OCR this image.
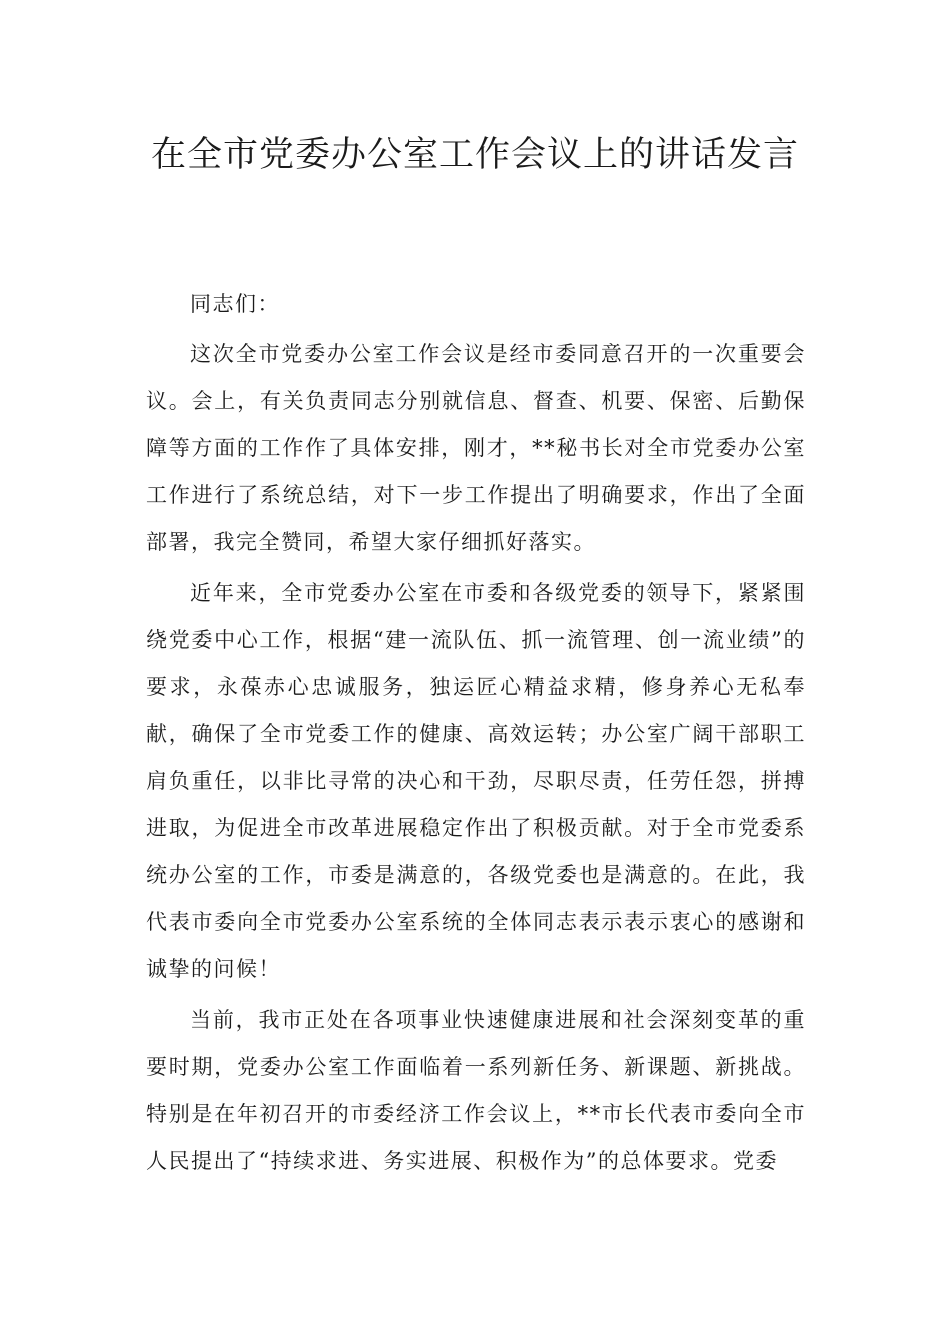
在全市党委办公室工作会议上的讲话发言

同志们：

这次全市党委办公室工作会议是经市委同意召开的一次重要会议。会上，有关负责同志分别就信息、督查、机要、保密、后勤保障等方面的工作作了具体安排，刚才，**秘书长对全市党委办公室工作进行了系统总结，对下一步工作提出了明确要求，作出了全面部署，我完全赞同，希望大家仔细抓好落实。

近年来，全市党委办公室在市委和各级党委的领导下，紧紧围绕党委中心工作，根据“建一流队伍、抓一流管理、创一流业绩”的要求，永葆赤心忠诚服务，独运匠心精益求精，修身养心无私奉献，确保了全市党委工作的健康、高效运转；办公室广阔干部职工肩负重任，以非比寻常的决心和干劲，尽职尽责，任劳任怨，拼搏进取，为促进全市改革进展稳定作出了积极贡献。对于全市党委系统办公室的工作，市委是满意的，各级党委也是满意的。在此，我代表市委向全市党委办公室系统的全体同志表示表示衷心的感谢和诚挚的问候！

当前，我市正处在各项事业快速健康进展和社会深刻变革的重要时期，党委办公室工作面临着一系列新任务、新课题、新挑战。特别是在年初召开的市委经济工作会议上，**市长代表市委向全市人民提出了“持续求进、务实进展、积极作为”的总体要求。党委
